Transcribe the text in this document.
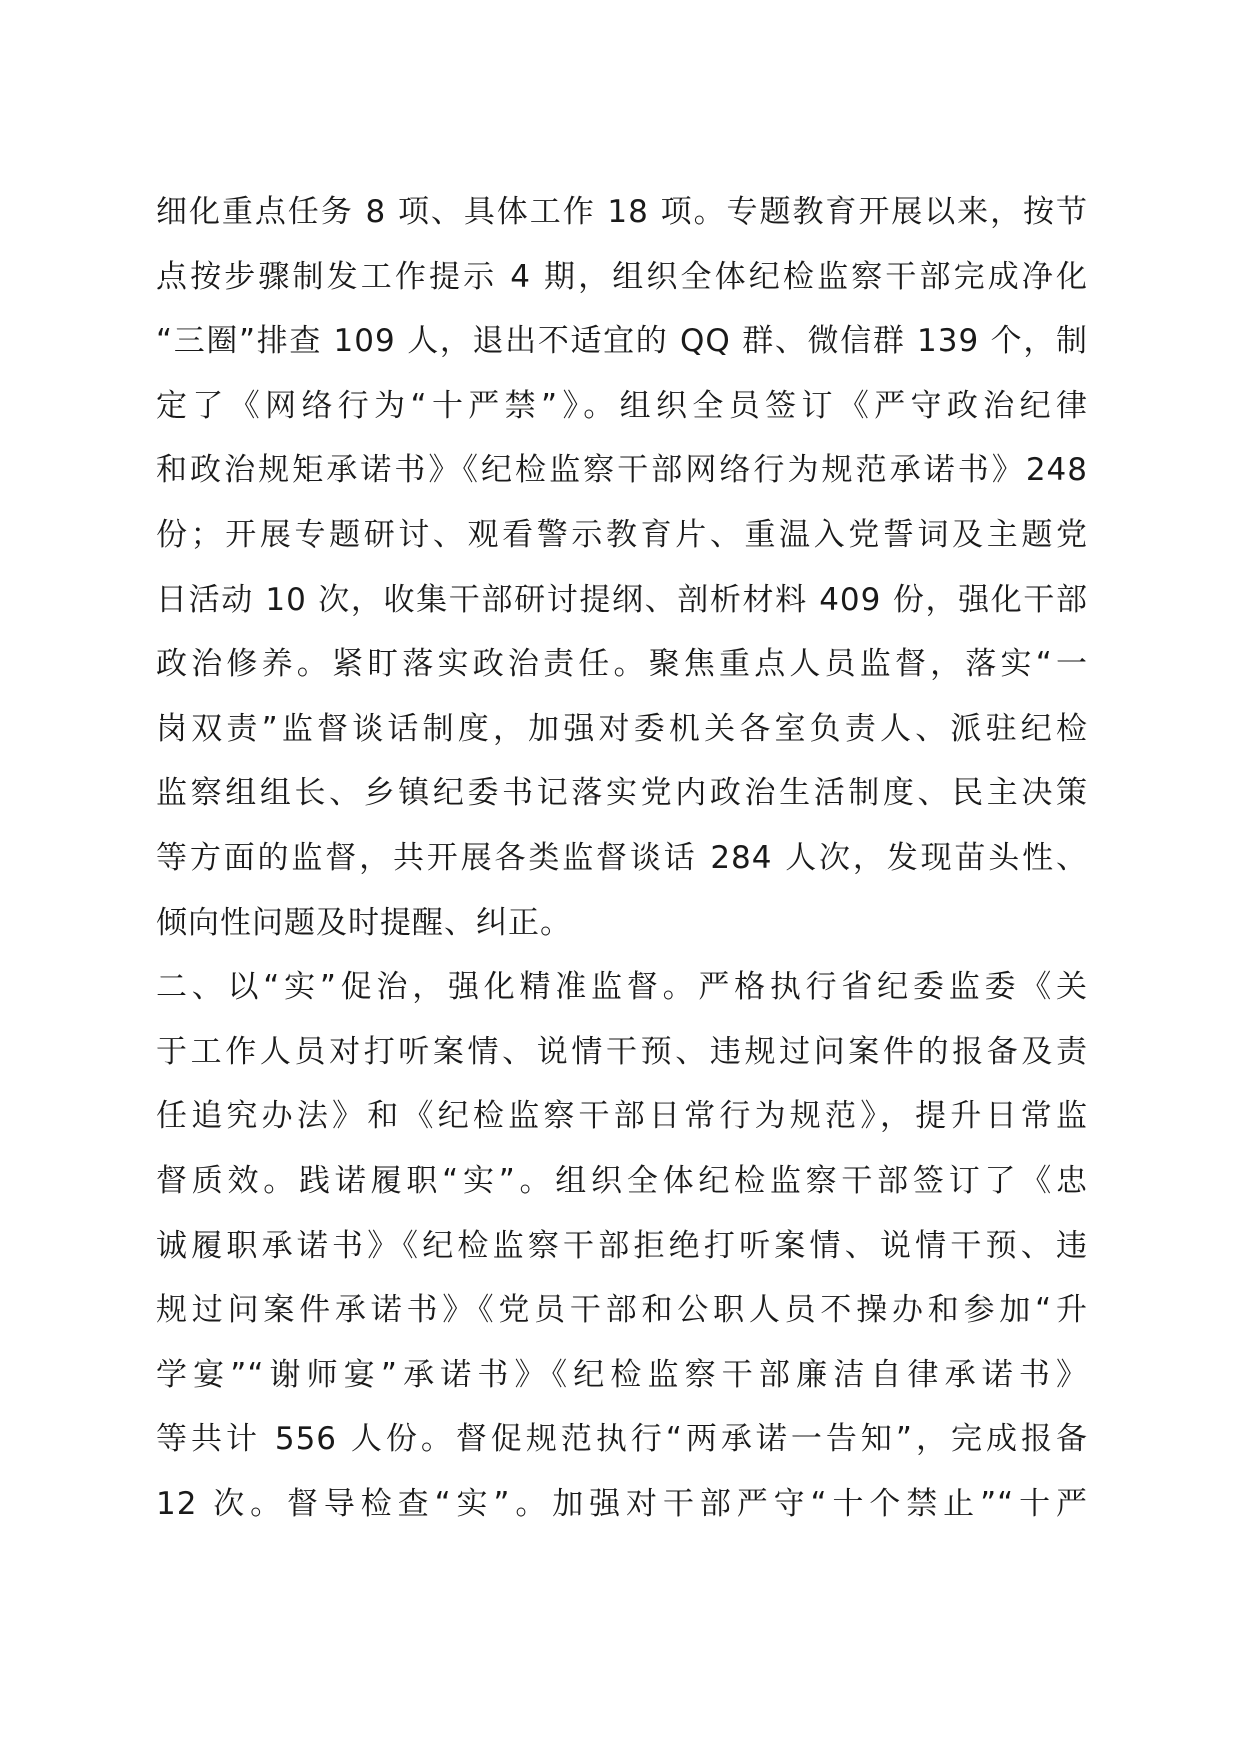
细化重点任务 8 项、具体工作 18 项。专题教育开展以来，按节
点按步骤制发工作提示 4 期，组织全体纪检监察干部完成净化
“三圈”排查 109 人，退出不适宜的 QQ 群、微信群 139 个，制
定了《网络行为“十严禁”》。组织全员签订《严守政治纪律
和政治规矩承诺书》《纪检监察干部网络行为规范承诺书》248
份；开展专题研讨、观看警示教育片、重温入党誓词及主题党
日活动 10 次，收集干部研讨提纲、剖析材料 409 份，强化干部
政治修养。紧盯落实政治责任。聚焦重点人员监督，落实“一
岗双责”监督谈话制度，加强对委机关各室负责人、派驻纪检
监察组组长、乡镇纪委书记落实党内政治生活制度、民主决策
等方面的监督，共开展各类监督谈话 284 人次，发现苗头性、
倾向性问题及时提醒、纠正。
二、以“实”促治，强化精准监督。严格执行省纪委监委《关
于工作人员对打听案情、说情干预、违规过问案件的报备及责
任追究办法》和《纪检监察干部日常行为规范》，提升日常监
督质效。践诺履职“实”。组织全体纪检监察干部签订了《忠
诚履职承诺书》《纪检监察干部拒绝打听案情、说情干预、违
规过问案件承诺书》《党员干部和公职人员不操办和参加“升
学宴”“谢师宴”承诺书》《纪检监察干部廉洁自律承诺书》
等共计 556 人份。督促规范执行“两承诺一告知”，完成报备
12 次。督导检查“实”。加强对干部严守“十个禁止”“十严
